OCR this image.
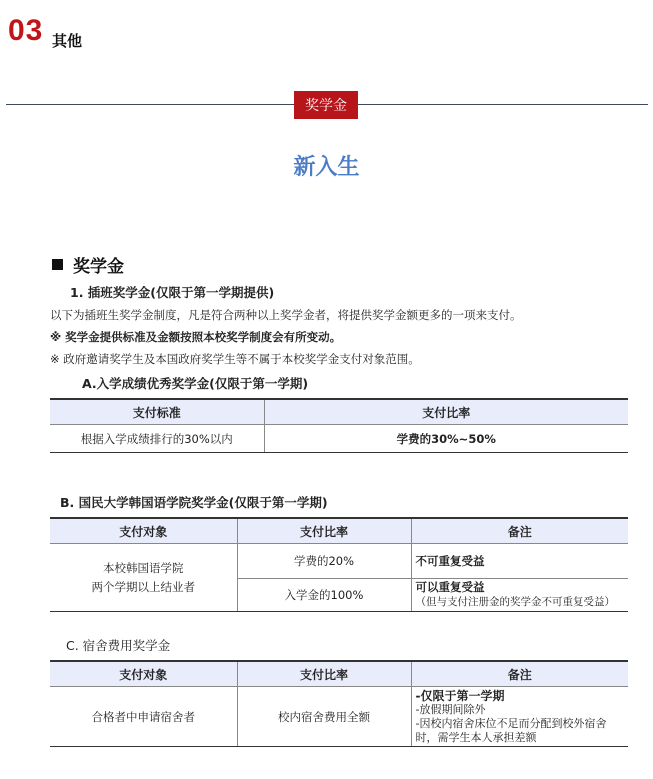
03 其他
奖学金
新入生
奖学金
1. 插班奖学金(仅限于第一学期提供)
以下为插班生奖学金制度，凡是符合两种以上奖学金者，将提供奖学金额更多的一项来支付。
※ 奖学金提供标准及金额按照本校奖学制度会有所变动。
※ 政府邀请奖学生及本国政府奖学生等不属于本校奖学金支付对象范围。
A.入学成绩优秀奖学金(仅限于第一学期)
支付标准	支付比率
根据入学成绩排行的30%以内	学费的30%~50%
B. 国民大学韩国语学院奖学金(仅限于第一学期)
支付对象	支付比率	备注

本校韩国语学院
两个学期以上结业者	学费的20%	不可重复受益
	入学金的100%	可以重复受益
（但与支付注册金的奖学金不可重复受益）
C. 宿舍费用奖学金
支付对象	支付比率	备注
合格者中申请宿舍者	校内宿舍费用全额	-仅限于第一学期
-放假期间除外
-因校内宿舍床位不足而分配到校外宿舍
时，需学生本人承担差额
